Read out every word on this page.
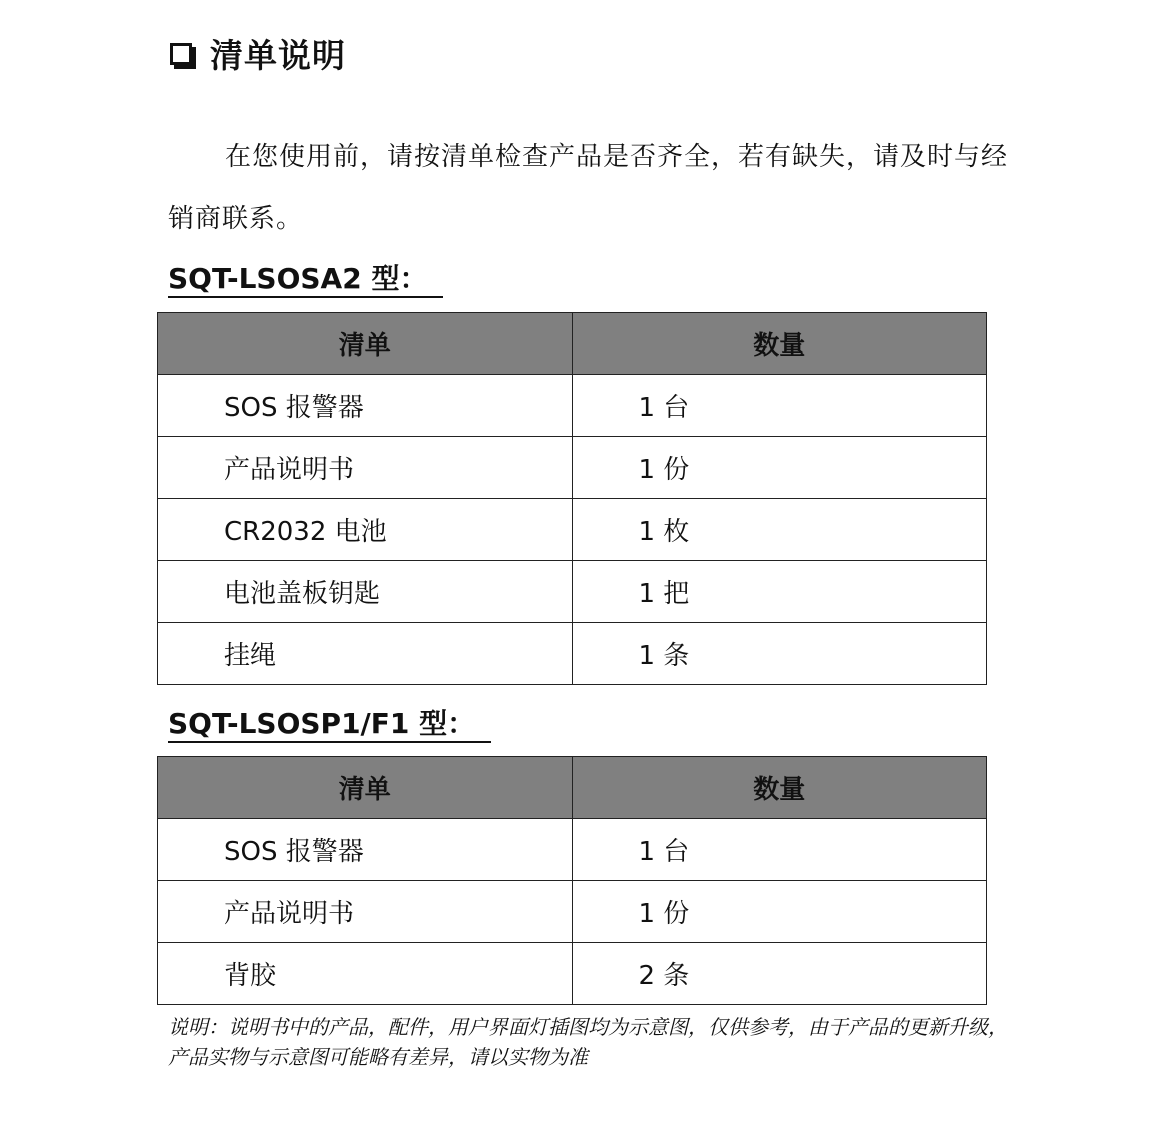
清单说明

在您使用前，请按清单检查产品是否齐全，若有缺失，请及时与经销商联系。

SQT-LSOSA2 型：
清单	数量
SOS 报警器	1 台
产品说明书	1 份
CR2032 电池	1 枚
电池盖板钥匙	1 把
挂绳	1 条
SQT-LSOSP1/F1 型：
清单	数量
SOS 报警器	1 台
产品说明书	1 份
背胶	2 条

说明：说明书中的产品，配件，用户界面灯插图均为示意图，仅供参考，由于产品的更新升级，产品实物与示意图可能略有差异，请以实物为准
